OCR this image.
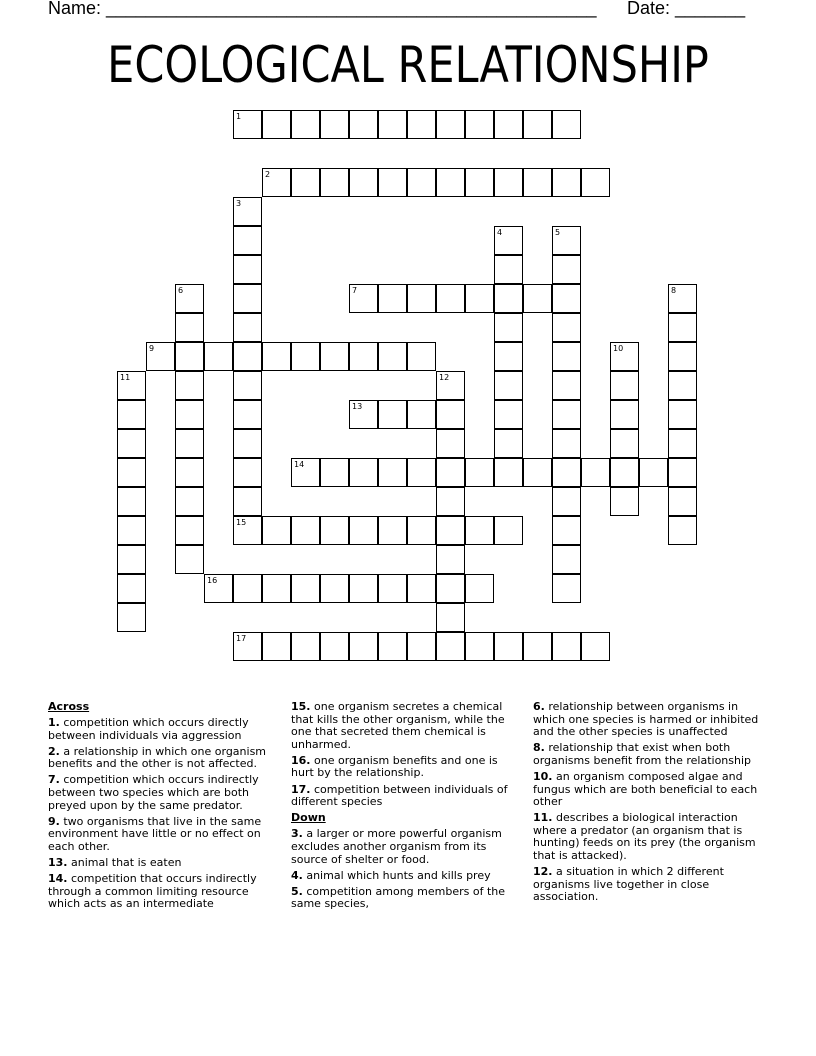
Name: _________________________________________________ Date: _______
ECOLOGICAL RELATIONSHIP
1
2
3
4	5
6	7	8
9	10
11	12
13
14
15
16
17
Across
1. competition which occurs directly between individuals via aggression
2. a relationship in which one organism benefits and the other is not affected.
7. competition which occurs indirectly between two species which are both preyed upon by the same predator.
9. two organisms that live in the same environment have little or no effect on each other.
13. animal that is eaten
14. competition that occurs indirectly through a common limiting resource which acts as an intermediate
15. one organism secretes a chemical that kills the other organism, while the one that secreted them chemical is unharmed.
16. one organism benefits and one is hurt by the relationship.
17. competition between individuals of different species
Down
3. a larger or more powerful organism excludes another organism from its source of shelter or food.
4. animal which hunts and kills prey
5. competition among members of the same species,
6. relationship between organisms in which one species is harmed or inhibited and the other species is unaffected
8. relationship that exist when both organisms benefit from the relationship
10. an organism composed algae and fungus which are both beneficial to each other
11. describes a biological interaction where a predator (an organism that is hunting) feeds on its prey (the organism that is attacked).
12. a situation in which 2 different organisms live together in close association.
